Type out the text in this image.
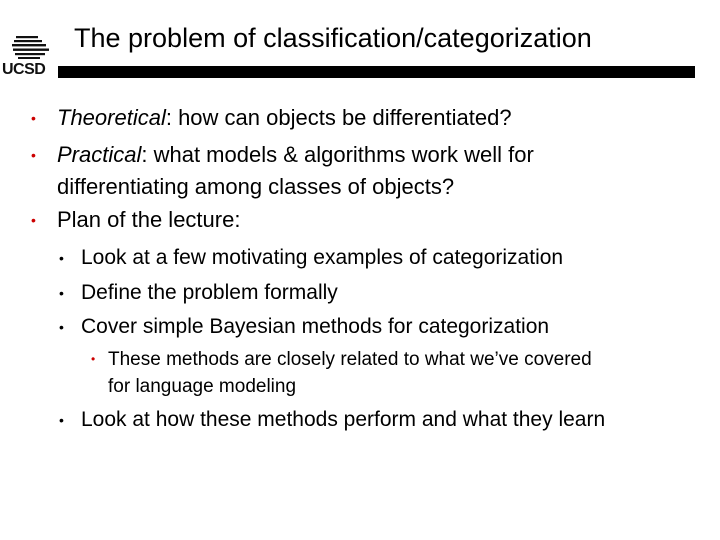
UCSD
The problem of classification/categorization
• Theoretical: how can objects be differentiated?
• Practical: what models & algorithms work well for
differentiating among classes of objects?
• Plan of the lecture:
• Look at a few motivating examples of categorization
• Define the problem formally
• Cover simple Bayesian methods for categorization
• These methods are closely related to what we’ve covered
for language modeling
• Look at how these methods perform and what they learn
